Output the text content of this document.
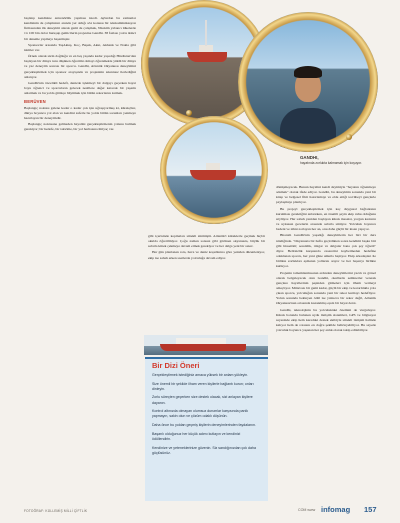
başlatıp kendisine antrenörlük yapması istedi. Aylardan bu zamanlar kendisinin de çalışmaları anında yer aldığı söz konusu bir telekomünikasyon firmasından ilk deneyimi alarak gemi de çalışmak, Nitekim yabancı ülkelerde 1'e 100 bin dolar buruşup gemicilerin projesine Gandhi. 38 fazlası yolcu ikinci bir deneme yapmayı başarmıştır.

Sponsorlar arasında TaşAkteş, Koç, Başak, Akut, Akbank ve Nokia gibi isimler var.

Örnek olarak sizin doğduğu ve en beş yaşında kadar yaşadığı Hindistan'dan başlayan bir dünya turu düşünen öğretimi olmayı öğrenmekle yüklü bir dünya ve yaz deneyim sonrası bir sporcu. Gandhi, Atlantik Okyanusu deneyimini gerçekleştirmek için sponsor arayışında ve projesinin sıkıntısız ilerlediğini anlatıyor.

Gandhi'nin öncelikli hedefi, denizde işletmeyi bir dalgayı geçerken hayat boyu öğrenci ve sporcuların gelecek nesillere değer katacak bir yaşamı anlatmak ve bu yolda gittikçe büyümek için bütün rekorlarını kırmak.

BERÜVEN

Başlangıç noktası gelene kadar o kadar çok işle uğraşıyormuş ki, kürekçiler, dünya boyunca yol alan ve kendini zaferle bu yolda bütün sorunları yenmeye hazırlayan bir deneyimdir.

Başlangıç noktasına gelmeden hayalini gerçekleştirmenin yolunu bulmak gerekiyor; bir hedefe, bir takvime, bir yol haritasına ihtiyaç var.

GANDHI,
hayatında zorlukta kalmamak için koşuyor.

gibi içerisinde kopmaları sürekli sürmüştü. Atlantik'i küreklerle geçmek hiçbir okulda öğretilmiyor. Çoğu zaman sonsuz gibi görünen okyanusta, büyük bir sabırla kürek çekmeye devam etmek gerekiyor ve her dalga yeni bir sınav.

Her gün planlanan rota, hava ve deniz koşullarına göre yeniden düzenleniyor, ekip ise sabah erken saatlerde yolculuğa devam ediyor.

dönüşmeyecek. Bunun hayalini kendi deyimiyle "hayatını öğrenmeye adamak" olarak ifade ediyor. Gandhi, bu deneyimin sonunda yeni bir kitap ve belgesel film hazırlamayı ve elde ettiği tecrübeyi gençlerle paylaşmayı planlıyor.

Bu projeyi gerçekleştirmek için kaç duygusal bağlantının kurulması gerektiğini anlatırken, en önemli şeyin ekip ruhu olduğunu söylüyor. Her sabah yeniden başlayan kürek mesaisi, yorgun kasların ve uykusuz gecelerin arasında sabırla sürüyor. Yolculuk boyunca bedeni ve zihni zorlayan her an, onu daha güçlü bir insan yapıyor.

Bharath Gandhi'nin yaşadığı deneyimlerin her biri bir ders niteliğinde. "Okyanusta bir hafta geçirdikten sonra kendimi başka biri gibi hissettim; sessizlik, rüzgar ve dalgalar bana çok şey öğretti" diyor. Belirsizlik karşısında cesaretini kaybetmeden hedefine odaklanan sporcu, her yeni güne umutla başlıyor. Ekip arkadaşları ile birlikte zorlukları aşmanın yollarını arıyor ve her başarıyı birlikte kutluyor.

Projenin tamamlanmasının ardından deneyimlerini yazılı ve görsel olarak belgeleyecek olan Gandhi, okullarda seminerler vererek gençlere hayallerinin peşinden gitmeleri için ilham vermeyi amaçlıyor. Mütevazı bir gemi kadar, güçlü bir ekip ve kararlılıkla yola çıkan sporcu, yolculuğun sonunda yeni bir rekor kırmayı hedefliyor. Yolun sonunda bekleyen ödül ise yalnızca bir rekor değil, Atlantik Okyanusu'nun ortasında kazanılmış eşsiz bir hayat dersi.

Gandhi, teknolojinin bu yolculuktaki önemini de vurguluyor. Kürek botunda bulunan uydu iletişim sistemleri, GPS ve bilgisayar sayesinde ekip hem karadaki destek ekibiyle sürekli iletişim halinde kalıyor hem de rotasını en doğru şekilde belirleyebiliyor. Bu sayede yolculuk boyunca yaşanan her şey anlık olarak takip edilebiliyor.

Bir Dizi Öneri

Gerçekleştirmek istediğiniz amaca yüksek bir anlam yükleyin.

Size önemli bir şekilde ilham veren kişilerle bağlantı kurun; onları dinleyin.

Zorlu süreçten geçerken size destek olacak, sizi anlayan kişilere dayanın.

Kontrol altınızda olmayan olumsuz durumlar karşısında panik yapmayın, sakin olun ve çözüm odaklı düşünün.

Daha önce bu yoldan geçmiş kişilerin deneyimlerinden faydalanın.

Başarılı olduğunuz her küçük adımı kutlayın ve kendinizi ödüllendirin.

Kendinize ve yeteneklerinize güvenin. Siz sandığınızdan çok daha güçlüsünüz.

FOTOĞRAF: KÜLLEMİŞ MİLLİ ÇİFTLİK	COM www infomag 157
